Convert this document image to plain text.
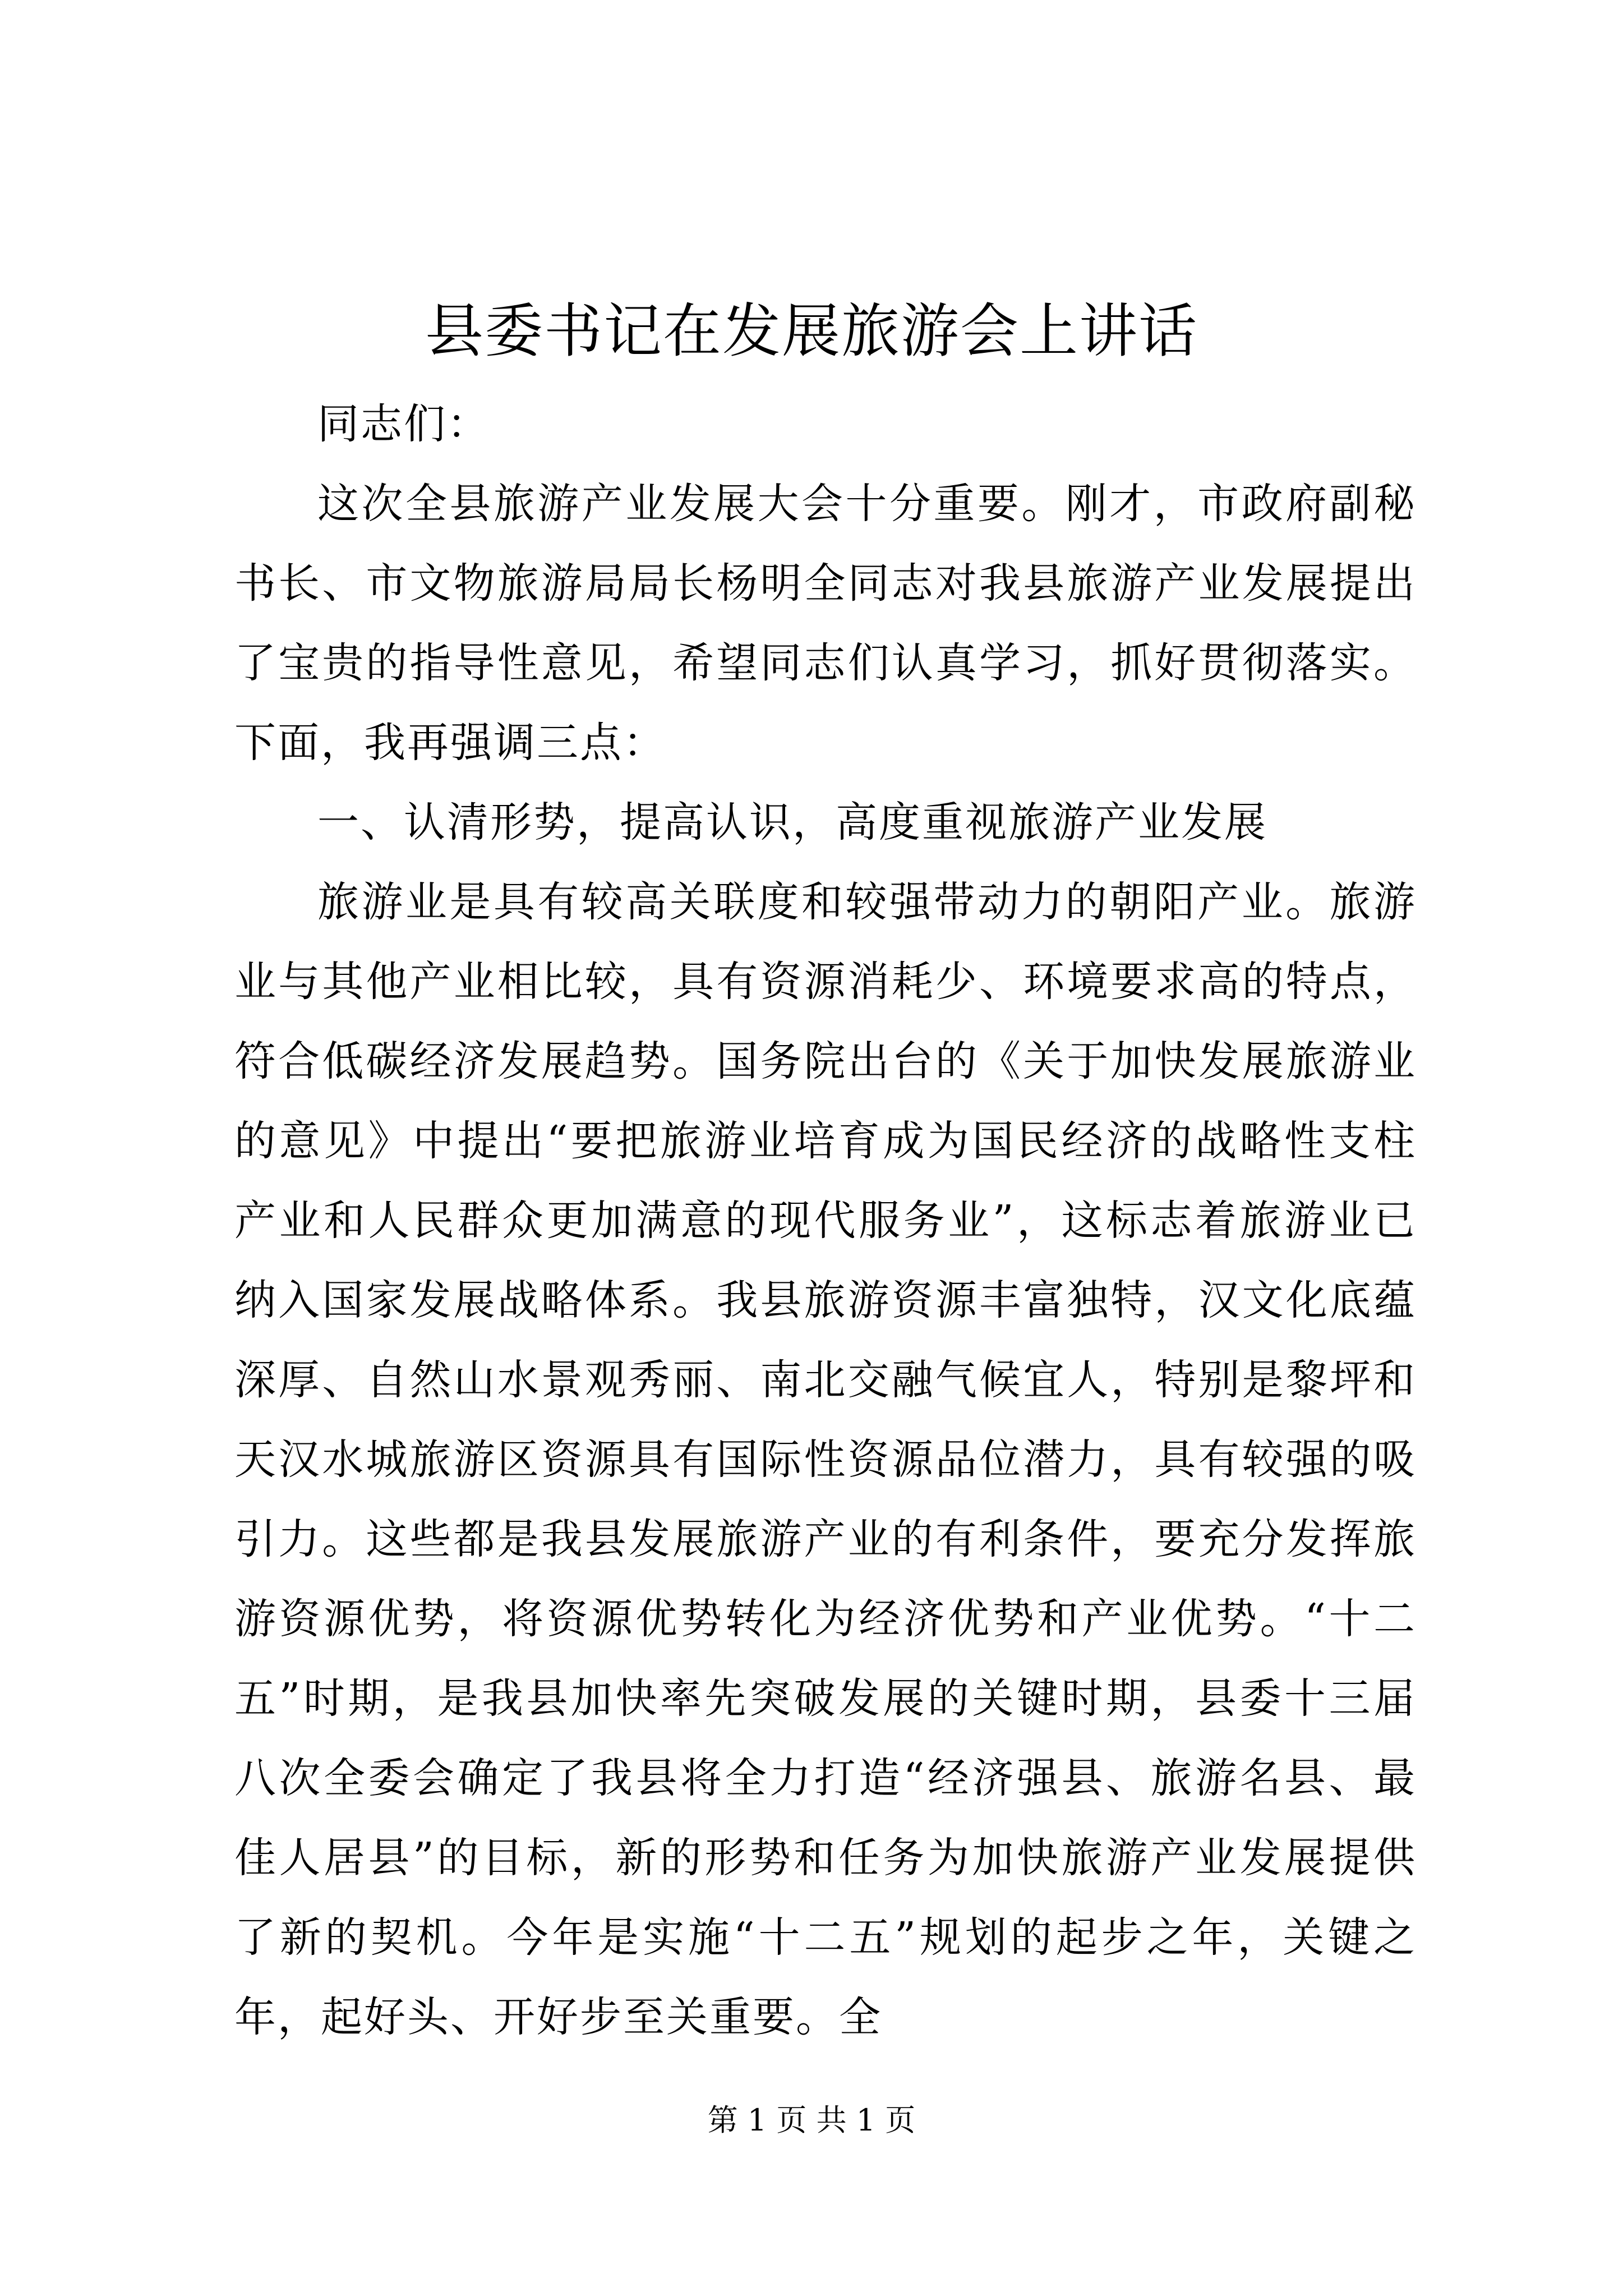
县委书记在发展旅游会上讲话

同志们：

这次全县旅游产业发展大会十分重要。刚才，市政府副秘书长、市文物旅游局局长杨明全同志对我县旅游产业发展提出了宝贵的指导性意见，希望同志们认真学习，抓好贯彻落实。下面，我再强调三点：

一、认清形势，提高认识，高度重视旅游产业发展

旅游业是具有较高关联度和较强带动力的朝阳产业。旅游业与其他产业相比较，具有资源消耗少、环境要求高的特点，符合低碳经济发展趋势。国务院出台的《关于加快发展旅游业的意见》中提出“要把旅游业培育成为国民经济的战略性支柱产业和人民群众更加满意的现代服务业”，这标志着旅游业已纳入国家发展战略体系。我县旅游资源丰富独特，汉文化底蕴深厚、自然山水景观秀丽、南北交融气候宜人，特别是黎坪和天汉水城旅游区资源具有国际性资源品位潜力，具有较强的吸引力。这些都是我县发展旅游产业的有利条件，要充分发挥旅游资源优势，将资源优势转化为经济优势和产业优势。“十二五”时期，是我县加快率先突破发展的关键时期，县委十三届八次全委会确定了我县将全力打造“经济强县、旅游名县、最佳人居县”的目标，新的形势和任务为加快旅游产业发展提供了新的契机。今年是实施“十二五”规划的起步之年，关键之年，起好头、开好步至关重要。全

第 1 页 共 1 页
